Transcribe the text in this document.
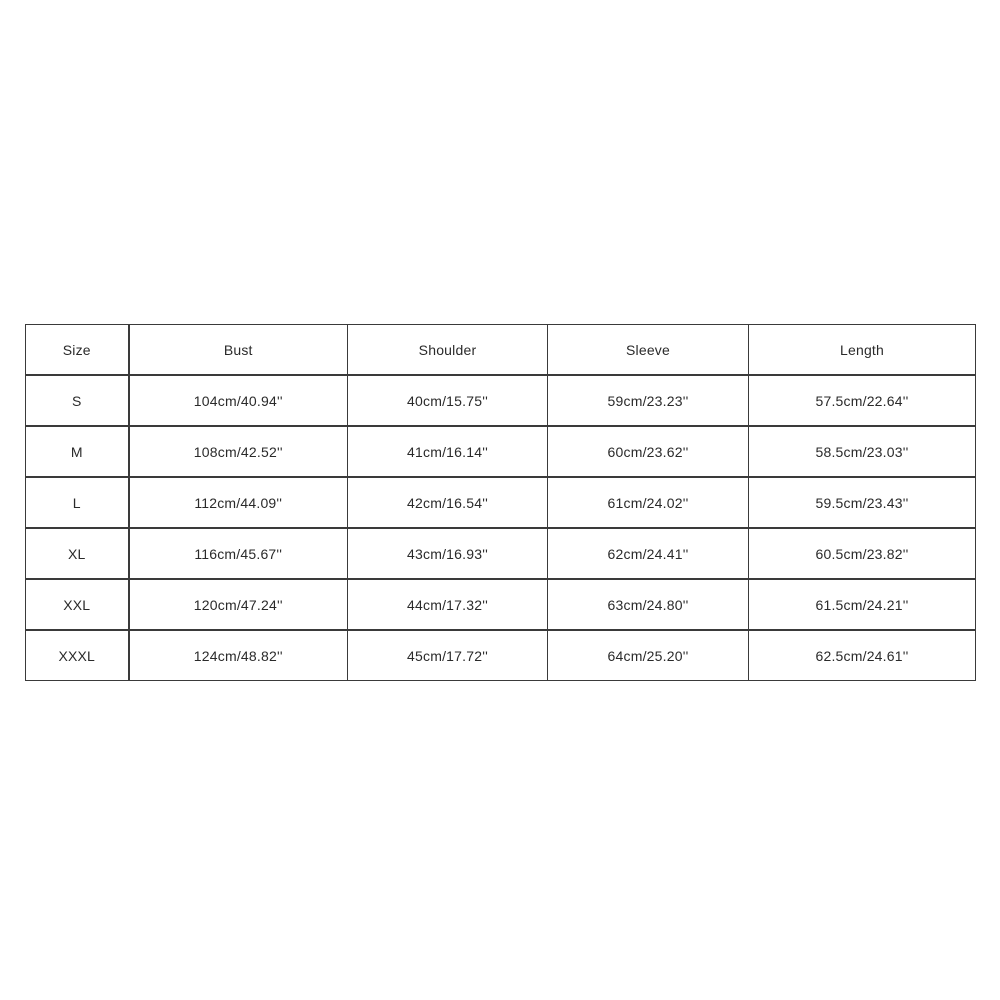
Size	Bust	Shoulder	Sleeve	Length
S	104cm/40.94''	40cm/15.75''	59cm/23.23''	57.5cm/22.64''
M	108cm/42.52''	41cm/16.14''	60cm/23.62''	58.5cm/23.03''
L	112cm/44.09''	42cm/16.54''	61cm/24.02''	59.5cm/23.43''
XL	116cm/45.67''	43cm/16.93''	62cm/24.41''	60.5cm/23.82''
XXL	120cm/47.24''	44cm/17.32''	63cm/24.80''	61.5cm/24.21''
XXXL	124cm/48.82''	45cm/17.72''	64cm/25.20''	62.5cm/24.61''
